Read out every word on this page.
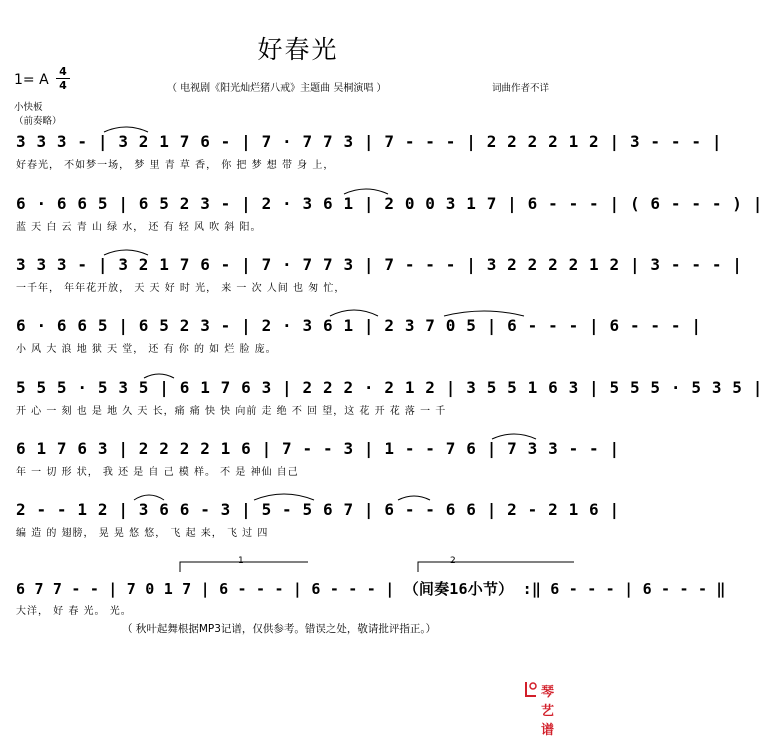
好春光
1= A
4
4	（ 电视剧《阳光灿烂猪八戒》主题曲 吴桐演唱 ）	词曲作者不详
小快板
（前奏略）
3 3 3 - | 3 2 1 7 6 - | 7 · 7 7 3 | 7 - - - | 2 2 2 2 1 2 | 3 - - - |
好春光， 不如梦一场， 梦 里 青 草 香， 你 把 梦 想 带 身 上，
6 · 6 6 5 | 6 5 2 3 - | 2 · 3 6 1 | 2 0 0 3 1 7 | 6 - - - | ( 6 - - - ) |
蓝 天 白 云 青 山 绿 水， 还 有 轻 风 吹 斜 阳。
3 3 3 - | 3 2 1 7 6 - | 7 · 7 7 3 | 7 - - - | 3 2 2 2 2 1 2 | 3 - - - |
一千年， 年年花开放， 天 天 好 时 光， 来 一 次 人间 也 匆 忙，
6 · 6 6 5 | 6 5 2 3 - | 2 · 3 6 1 | 2 3 7 0 5 | 6 - - - | 6 - - - |
小 风 大 浪 地 狱 天 堂， 还 有 你 的 如 烂 脸 庞。
5 5 5 · 5 3 5 | 6 1 7 6 3 | 2 2 2 · 2 1 2 | 3 5 5 1 6 3 | 5 5 5 · 5 3 5 |
开 心 一 刻 也 是 地 久 天 长，痛 痛 快 快 向前 走 绝 不 回 望，这 花 开 花 落 一 千
6 1 7 6 3 | 2 2 2 2 1 6 | 7 - - 3 | 1 - - 7 6 | 7 3 3 - - |
年 一 切 形 状， 我 还 是 自 己 模 样。 不 是 神仙 自己
2 - - 1 2 | 3 6 6 - 3 | 5 - 5 6 7 | 6 - - 6 6 | 2 - 2 1 6 |
编 造 的 翅膀， 晃 晃 悠 悠， 飞 起 来， 飞 过 四
1	2
6 7 7 - - | 7 0 1 7 | 6 - - - | 6 - - - | （间奏16小节） :‖ 6 - - - | 6 - - - ‖
大洋， 好 春 光。 光。
（ 秋叶起舞根据MP3记谱，仅供参考。错误之处，敬请批评指正。）
琴艺谱
